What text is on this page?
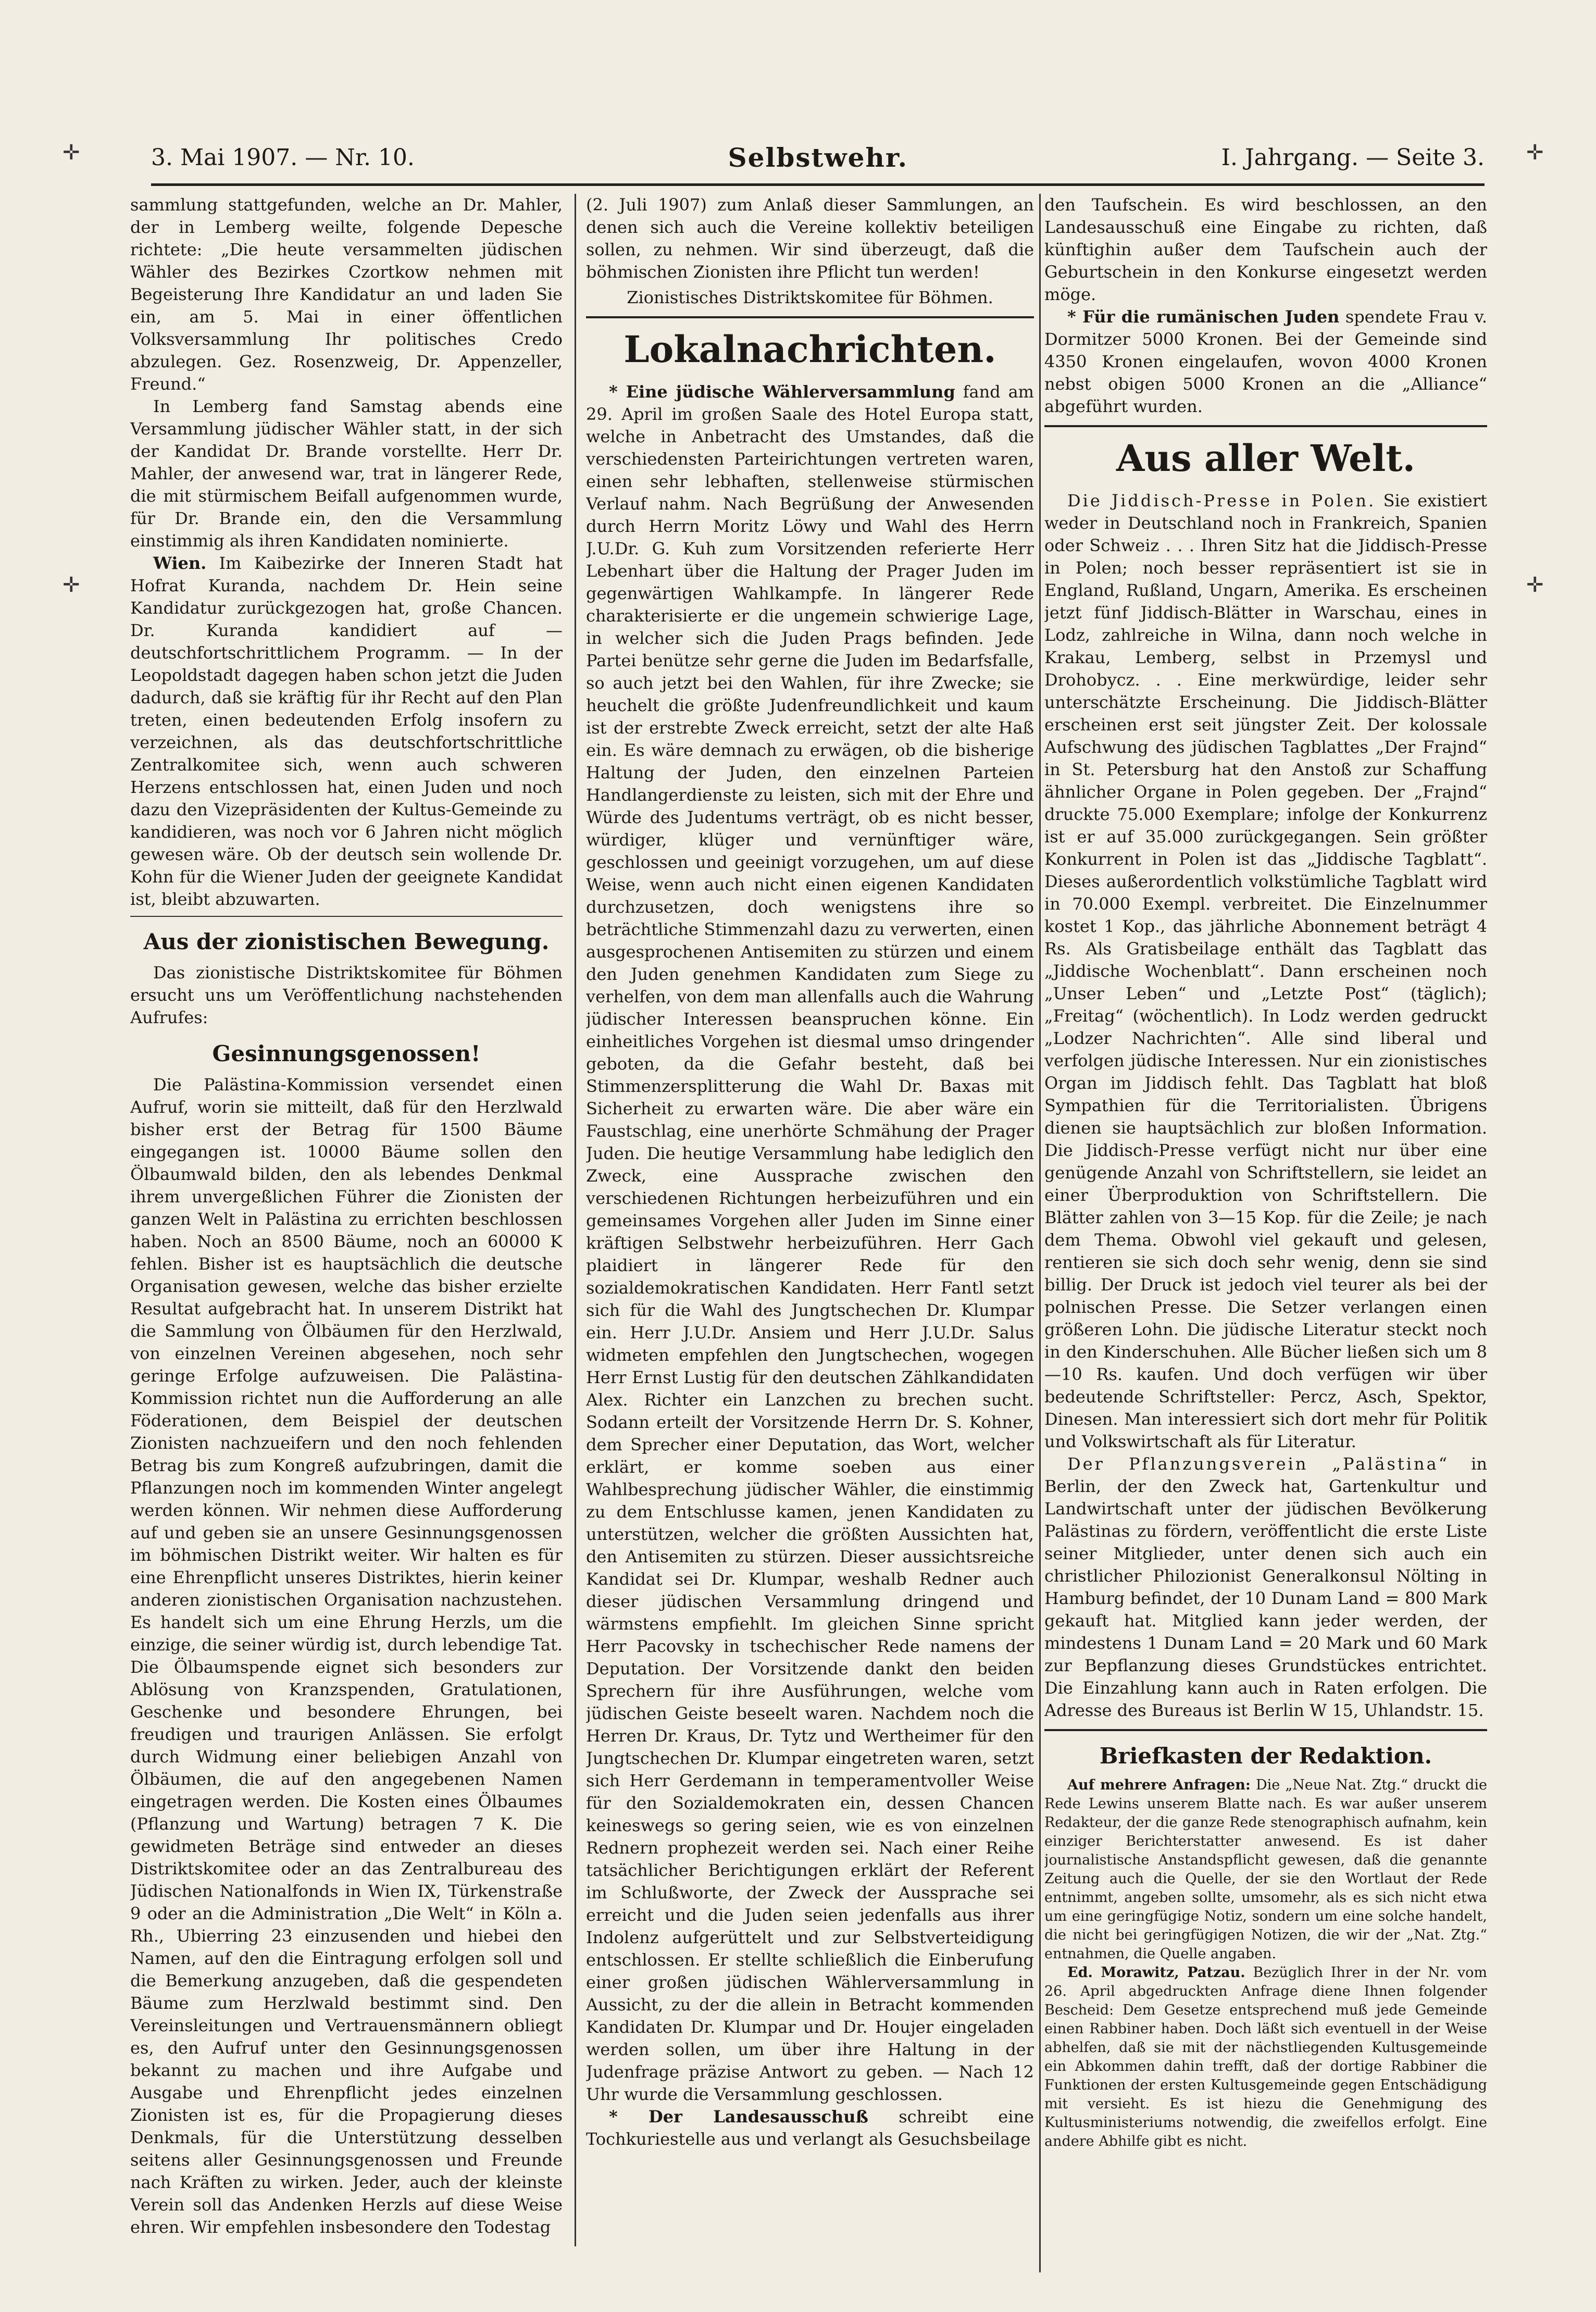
✛	✛
✛	✛
3. Mai 1907. — Nr. 10.	Selbstwehr.	I. Jahrgang. — Seite 3.

sammlung stattgefunden, welche an Dr. Mahler, der in Lemberg weilte, folgende Depesche richtete: „Die heute versammelten jüdischen Wähler des Bezirkes Czortkow nehmen mit Begeisterung Ihre Kandidatur an und laden Sie ein, am 5. Mai in einer öffentlichen Volksversammlung Ihr politisches Credo abzulegen. Gez. Rosenzweig, Dr. Appenzeller, Freund.“

In Lemberg fand Samstag abends eine Versammlung jüdischer Wähler statt, in der sich der Kandidat Dr. Brande vorstellte. Herr Dr. Mahler, der anwesend war, trat in längerer Rede, die mit stürmischem Beifall aufgenommen wurde, für Dr. Brande ein, den die Versammlung einstimmig als ihren Kandidaten nominierte.

Wien. Im Kaibezirke der Inneren Stadt hat Hofrat Kuranda, nachdem Dr. Hein seine Kandidatur zurückgezogen hat, große Chancen. Dr. Kuranda kandidiert auf — deutschfortschrittlichem Programm. — In der Leopoldstadt dagegen haben schon jetzt die Juden dadurch, daß sie kräftig für ihr Recht auf den Plan treten, einen bedeutenden Erfolg insofern zu verzeichnen, als das deutschfortschrittliche Zentralkomitee sich, wenn auch schweren Herzens entschlossen hat, einen Juden und noch dazu den Vizepräsidenten der Kultus-Gemeinde zu kandidieren, was noch vor 6 Jahren nicht möglich gewesen wäre. Ob der deutsch sein wollende Dr. Kohn für die Wiener Juden der geeignete Kandidat ist, bleibt abzuwarten.

Aus der zionistischen Bewegung.

Das zionistische Distriktskomitee für Böhmen ersucht uns um Veröffentlichung nachstehenden Aufrufes:

Gesinnungsgenossen!

Die Palästina-Kommission versendet einen Aufruf, worin sie mitteilt, daß für den Herzlwald bisher erst der Betrag für 1500 Bäume eingegangen ist. 10000 Bäume sollen den Ölbaumwald bilden, den als lebendes Denkmal ihrem unvergeßlichen Führer die Zionisten der ganzen Welt in Palästina zu errichten beschlossen haben. Noch an 8500 Bäume, noch an 60000 K fehlen. Bisher ist es hauptsächlich die deutsche Organisation gewesen, welche das bisher erzielte Resultat aufgebracht hat. In unserem Distrikt hat die Sammlung von Ölbäumen für den Herzlwald, von einzelnen Vereinen abgesehen, noch sehr geringe Erfolge aufzuweisen. Die Palästina-Kommission richtet nun die Aufforderung an alle Föderationen, dem Beispiel der deutschen Zionisten nachzueifern und den noch fehlenden Betrag bis zum Kongreß aufzubringen, damit die Pflanzungen noch im kommenden Winter angelegt werden können. Wir nehmen diese Aufforderung auf und geben sie an unsere Gesinnungsgenossen im böhmischen Distrikt weiter. Wir halten es für eine Ehrenpflicht unseres Distriktes, hierin keiner anderen zionistischen Organisation nachzustehen. Es handelt sich um eine Ehrung Herzls, um die einzige, die seiner würdig ist, durch lebendige Tat. Die Ölbaumspende eignet sich besonders zur Ablösung von Kranzspenden, Gratulationen, Geschenke und besondere Ehrungen, bei freudigen und traurigen Anlässen. Sie erfolgt durch Widmung einer beliebigen Anzahl von Ölbäumen, die auf den angegebenen Namen eingetragen werden. Die Kosten eines Ölbaumes (Pflanzung und Wartung) betragen 7 K. Die gewidmeten Beträge sind entweder an dieses Distriktskomitee oder an das Zentralbureau des Jüdischen Nationalfonds in Wien IX, Türkenstraße 9 oder an die Administration „Die Welt“ in Köln a. Rh., Ubierring 23 einzusenden und hiebei den Namen, auf den die Eintragung erfolgen soll und die Bemerkung anzugeben, daß die gespendeten Bäume zum Herzlwald bestimmt sind. Den Vereinsleitungen und Vertrauensmännern obliegt es, den Aufruf unter den Gesinnungsgenossen bekannt zu machen und ihre Aufgabe und Ausgabe und Ehrenpflicht jedes einzelnen Zionisten ist es, für die Propagierung dieses Denkmals, für die Unterstützung desselben seitens aller Gesinnungsgenossen und Freunde nach Kräften zu wirken. Jeder, auch der kleinste Verein soll das Andenken Herzls auf diese Weise ehren. Wir empfehlen insbesondere den Todestag

(2. Juli 1907) zum Anlaß dieser Sammlungen, an denen sich auch die Vereine kollektiv beteiligen sollen, zu nehmen. Wir sind überzeugt, daß die böhmischen Zionisten ihre Pflicht tun werden!

Zionistisches Distriktskomitee für Böhmen.
Lokalnachrichten.

* Eine jüdische Wählerversammlung fand am 29. April im großen Saale des Hotel Europa statt, welche in Anbetracht des Umstandes, daß die verschiedensten Parteirichtungen vertreten waren, einen sehr lebhaften, stellenweise stürmischen Verlauf nahm. Nach Begrüßung der Anwesenden durch Herrn Moritz Löwy und Wahl des Herrn J.U.Dr. G. Kuh zum Vorsitzenden referierte Herr Lebenhart über die Haltung der Prager Juden im gegenwärtigen Wahlkampfe. In längerer Rede charakterisierte er die ungemein schwierige Lage, in welcher sich die Juden Prags befinden. Jede Partei benütze sehr gerne die Juden im Bedarfsfalle, so auch jetzt bei den Wahlen, für ihre Zwecke; sie heuchelt die größte Judenfreundlichkeit und kaum ist der erstrebte Zweck erreicht, setzt der alte Haß ein. Es wäre demnach zu erwägen, ob die bisherige Haltung der Juden, den einzelnen Parteien Handlangerdienste zu leisten, sich mit der Ehre und Würde des Judentums verträgt, ob es nicht besser, würdiger, klüger und vernünftiger wäre, geschlossen und geeinigt vorzugehen, um auf diese Weise, wenn auch nicht einen eigenen Kandidaten durchzusetzen, doch wenigstens ihre so beträchtliche Stimmenzahl dazu zu verwerten, einen ausgesprochenen Antisemiten zu stürzen und einem den Juden genehmen Kandidaten zum Siege zu verhelfen, von dem man allenfalls auch die Wahrung jüdischer Interessen beanspruchen könne. Ein einheitliches Vorgehen ist diesmal umso dringender geboten, da die Gefahr besteht, daß bei Stimmenzersplitterung die Wahl Dr. Baxas mit Sicherheit zu erwarten wäre. Die aber wäre ein Faustschlag, eine unerhörte Schmähung der Prager Juden. Die heutige Versammlung habe lediglich den Zweck, eine Aussprache zwischen den verschiedenen Richtungen herbeizuführen und ein gemeinsames Vorgehen aller Juden im Sinne einer kräftigen Selbstwehr herbeizuführen. Herr Gach plaidiert in längerer Rede für den sozialdemokratischen Kandidaten. Herr Fantl setzt sich für die Wahl des Jungtschechen Dr. Klumpar ein. Herr J.U.Dr. Ansiem und Herr J.U.Dr. Salus widmeten empfehlen den Jungtschechen, wogegen Herr Ernst Lustig für den deutschen Zählkandidaten Alex. Richter ein Lanzchen zu brechen sucht. Sodann erteilt der Vorsitzende Herrn Dr. S. Kohner, dem Sprecher einer Deputation, das Wort, welcher erklärt, er komme soeben aus einer Wahlbesprechung jüdischer Wähler, die einstimmig zu dem Entschlusse kamen, jenen Kandidaten zu unterstützen, welcher die größten Aussichten hat, den Antisemiten zu stürzen. Dieser aussichtsreiche Kandidat sei Dr. Klumpar, weshalb Redner auch dieser jüdischen Versammlung dringend und wärmstens empfiehlt. Im gleichen Sinne spricht Herr Pacovsky in tschechischer Rede namens der Deputation. Der Vorsitzende dankt den beiden Sprechern für ihre Ausführungen, welche vom jüdischen Geiste beseelt waren. Nachdem noch die Herren Dr. Kraus, Dr. Tytz und Wertheimer für den Jungtschechen Dr. Klumpar eingetreten waren, setzt sich Herr Gerdemann in temperamentvoller Weise für den Sozialdemokraten ein, dessen Chancen keineswegs so gering seien, wie es von einzelnen Rednern prophezeit werden sei. Nach einer Reihe tatsächlicher Berichtigungen erklärt der Referent im Schlußworte, der Zweck der Aussprache sei erreicht und die Juden seien jedenfalls aus ihrer Indolenz aufgerüttelt und zur Selbstverteidigung entschlossen. Er stellte schließlich die Einberufung einer großen jüdischen Wählerversammlung in Aussicht, zu der die allein in Betracht kommenden Kandidaten Dr. Klumpar und Dr. Houjer eingeladen werden sollen, um über ihre Haltung in der Judenfrage präzise Antwort zu geben. — Nach 12 Uhr wurde die Versammlung geschlossen.

* Der Landesausschuß schreibt eine Tochkuriestelle aus und verlangt als Gesuchsbeilage

den Taufschein. Es wird beschlossen, an den Landesausschuß eine Eingabe zu richten, daß künftighin außer dem Taufschein auch der Geburtschein in den Konkurse eingesetzt werden möge.

* Für die rumänischen Juden spendete Frau v. Dormitzer 5000 Kronen. Bei der Gemeinde sind 4350 Kronen eingelaufen, wovon 4000 Kronen nebst obigen 5000 Kronen an die „Alliance“ abgeführt wurden.

Aus aller Welt.

Die Jiddisch-Presse in Polen. Sie existiert weder in Deutschland noch in Frankreich, Spanien oder Schweiz . . . Ihren Sitz hat die Jiddisch-Presse in Polen; noch besser repräsentiert ist sie in England, Rußland, Ungarn, Amerika. Es erscheinen jetzt fünf Jiddisch-Blätter in Warschau, eines in Lodz, zahlreiche in Wilna, dann noch welche in Krakau, Lemberg, selbst in Przemysl und Drohobycz. . . Eine merkwürdige, leider sehr unterschätzte Erscheinung. Die Jiddisch-Blätter erscheinen erst seit jüngster Zeit. Der kolossale Aufschwung des jüdischen Tagblattes „Der Frajnd“ in St. Petersburg hat den Anstoß zur Schaffung ähnlicher Organe in Polen gegeben. Der „Frajnd“ druckte 75.000 Exemplare; infolge der Konkurrenz ist er auf 35.000 zurückgegangen. Sein größter Konkurrent in Polen ist das „Jiddische Tagblatt“. Dieses außerordentlich volkstümliche Tagblatt wird in 70.000 Exempl. verbreitet. Die Einzelnummer kostet 1 Kop., das jährliche Abonnement beträgt 4 Rs. Als Gratisbeilage enthält das Tagblatt das „Jiddische Wochenblatt“. Dann erscheinen noch „Unser Leben“ und „Letzte Post“ (täglich); „Freitag“ (wöchentlich). In Lodz werden gedruckt „Lodzer Nachrichten“. Alle sind liberal und verfolgen jüdische Interessen. Nur ein zionistisches Organ im Jiddisch fehlt. Das Tagblatt hat bloß Sympathien für die Territorialisten. Übrigens dienen sie hauptsächlich zur bloßen Information. Die Jiddisch-Presse verfügt nicht nur über eine genügende Anzahl von Schriftstellern, sie leidet an einer Überproduktion von Schriftstellern. Die Blätter zahlen von 3—15 Kop. für die Zeile; je nach dem Thema. Obwohl viel gekauft und gelesen, rentieren sie sich doch sehr wenig, denn sie sind billig. Der Druck ist jedoch viel teurer als bei der polnischen Presse. Die Setzer verlangen einen größeren Lohn. Die jüdische Literatur steckt noch in den Kinderschuhen. Alle Bücher ließen sich um 8—10 Rs. kaufen. Und doch verfügen wir über bedeutende Schriftsteller: Percz, Asch, Spektor, Dinesen. Man interessiert sich dort mehr für Politik und Volkswirtschaft als für Literatur.

Der Pflanzungsverein „Palästina“ in Berlin, der den Zweck hat, Gartenkultur und Landwirtschaft unter der jüdischen Bevölkerung Palästinas zu fördern, veröffentlicht die erste Liste seiner Mitglieder, unter denen sich auch ein christlicher Philozionist Generalkonsul Nölting in Hamburg befindet, der 10 Dunam Land = 800 Mark gekauft hat. Mitglied kann jeder werden, der mindestens 1 Dunam Land = 20 Mark und 60 Mark zur Bepflanzung dieses Grundstückes entrichtet. Die Einzahlung kann auch in Raten erfolgen. Die Adresse des Bureaus ist Berlin W 15, Uhlandstr. 15.

Briefkasten der Redaktion.

Auf mehrere Anfragen: Die „Neue Nat. Ztg.“ druckt die Rede Lewins unserem Blatte nach. Es war außer unserem Redakteur, der die ganze Rede stenographisch aufnahm, kein einziger Berichterstatter anwesend. Es ist daher journalistische Anstandspflicht gewesen, daß die genannte Zeitung auch die Quelle, der sie den Wortlaut der Rede entnimmt, angeben sollte, umsomehr, als es sich nicht etwa um eine geringfügige Notiz, sondern um eine solche handelt, die nicht bei geringfügigen Notizen, die wir der „Nat. Ztg.“ entnahmen, die Quelle angaben.

Ed. Morawitz, Patzau. Bezüglich Ihrer in der Nr. vom 26. April abgedruckten Anfrage diene Ihnen folgender Bescheid: Dem Gesetze entsprechend muß jede Gemeinde einen Rabbiner haben. Doch läßt sich eventuell in der Weise abhelfen, daß sie mit der nächstliegenden Kultusgemeinde ein Abkommen dahin trefft, daß der dortige Rabbiner die Funktionen der ersten Kultusgemeinde gegen Entschädigung mit versieht. Es ist hiezu die Genehmigung des Kultusministeriums notwendig, die zweifellos erfolgt. Eine andere Abhilfe gibt es nicht.
